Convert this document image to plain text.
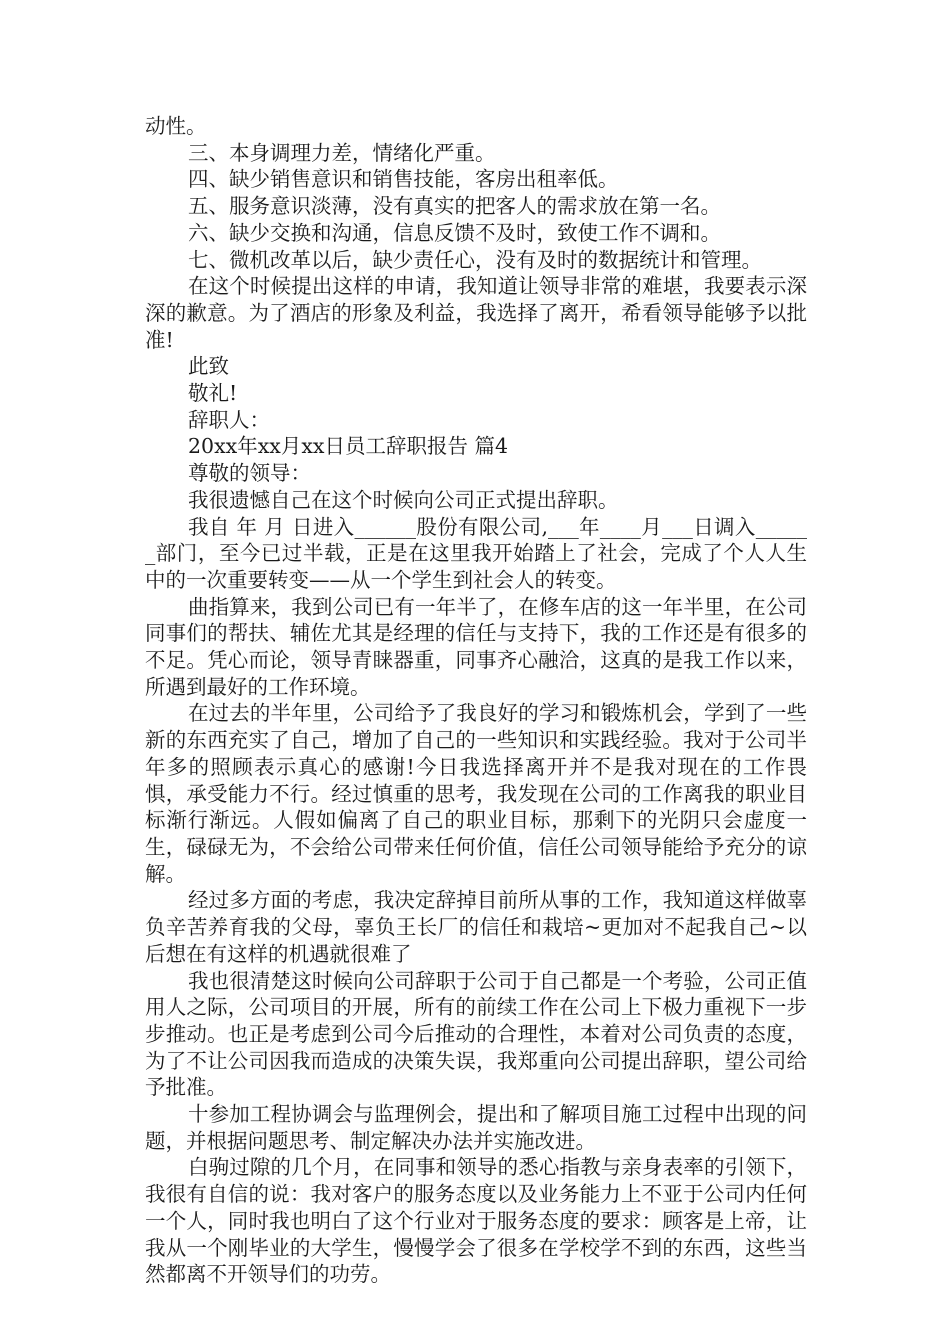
动性。

三、本身调理力差，情绪化严重。

四、缺少销售意识和销售技能，客房出租率低。

五、服务意识淡薄，没有真实的把客人的需求放在第一名。

六、缺少交换和沟通，信息反馈不及时，致使工作不调和。

七、微机改革以后，缺少责任心，没有及时的数据统计和管理。

在这个时候提出这样的申请，我知道让领导非常的难堪，我要表示深深的歉意。为了酒店的形象及利益，我选择了离开，希看领导能够予以批准!

此致

敬礼!

辞职人：

20xx年xx月xx日员工辞职报告 篇4

尊敬的领导：

我很遗憾自己在这个时候向公司正式提出辞职。

我自 年 月 日进入______股份有限公司,___年____月___日调入______部门，至今已过半载，正是在这里我开始踏上了社会，完成了个人人生中的一次重要转变——从一个学生到社会人的转变。

曲指算来，我到公司已有一年半了，在修车店的这一年半里，在公司同事们的帮扶、辅佐尤其是经理的信任与支持下，我的工作还是有很多的不足。凭心而论，领导青睐器重，同事齐心融洽，这真的是我工作以来，所遇到最好的工作环境。

在过去的半年里，公司给予了我良好的学习和锻炼机会，学到了一些新的东西充实了自己，增加了自己的一些知识和实践经验。我对于公司半年多的照顾表示真心的感谢!今日我选择离开并不是我对现在的工作畏惧，承受能力不行。经过慎重的思考，我发现在公司的工作离我的职业目标渐行渐远。人假如偏离了自己的职业目标，那剩下的光阴只会虚度一生，碌碌无为，不会给公司带来任何价值，信任公司领导能给予充分的谅解。

经过多方面的考虑，我决定辞掉目前所从事的工作，我知道这样做辜负辛苦养育我的父母，辜负王长厂的信任和栽培~更加对不起我自己~以后想在有这样的机遇就很难了

我也很清楚这时候向公司辞职于公司于自己都是一个考验，公司正值用人之际，公司项目的开展，所有的前续工作在公司上下极力重视下一步步推动。也正是考虑到公司今后推动的合理性，本着对公司负责的态度，为了不让公司因我而造成的决策失误，我郑重向公司提出辞职，望公司给予批准。

十参加工程协调会与监理例会，提出和了解项目施工过程中出现的问题，并根据问题思考、制定解决办法并实施改进。

白驹过隙的几个月，在同事和领导的悉心指教与亲身表率的引领下，我很有自信的说：我对客户的服务态度以及业务能力上不亚于公司内任何一个人，同时我也明白了这个行业对于服务态度的要求：顾客是上帝，让我从一个刚毕业的大学生，慢慢学会了很多在学校学不到的东西，这些当然都离不开领导们的功劳。
